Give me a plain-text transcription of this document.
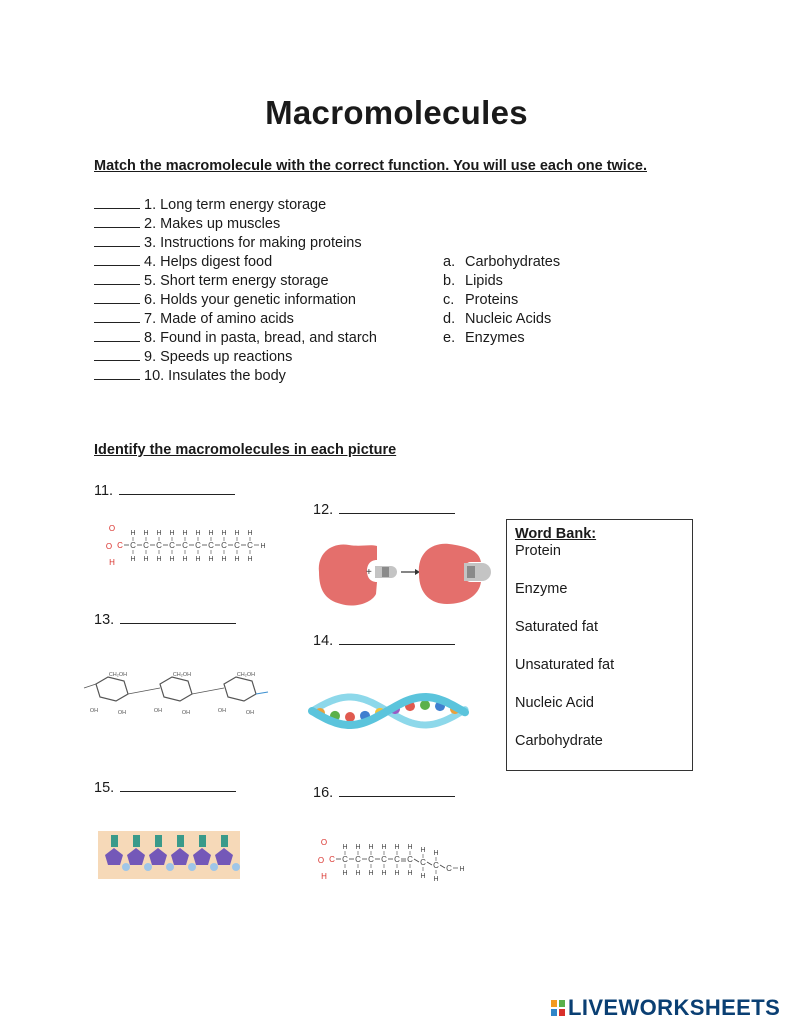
Macromolecules
Match the macromolecule with the correct function. You will use each one twice.
1. Long term energy storage
2. Makes up muscles
3. Instructions for making proteins
4. Helps digest food
5. Short term energy storage
6. Holds your genetic information
7. Made of amino acids
8. Found in pasta, bread, and starch
9. Speeds up reactions
10. Insulates the body
a. Carbohydrates
b. Lipids
c. Proteins
d. Nucleic Acids
e. Enzymes
Identify the macromolecules in each picture
11.
12.
13.
14.
15.	16.
O
H
O C C
H
H
C
H
H
C
H
H
C
H
H
C
H
H
C
H
H
C
H
H
C
H
H
C
H
H
C
H
H
H
+
CH₂OH
OH	OH
CH₂OH
OH	OH
CH₂OH
OH	OH
O
H
O C C
H
H
C
H
H
C
H
H
C
H
H
C
H
H
C
H
H
C
H
H
C
H
H
C H
Word Bank:
Protein
Enzyme
Saturated fat
Unsaturated fat
Nucleic Acid
Carbohydrate
LIVEWORKSHEETS
